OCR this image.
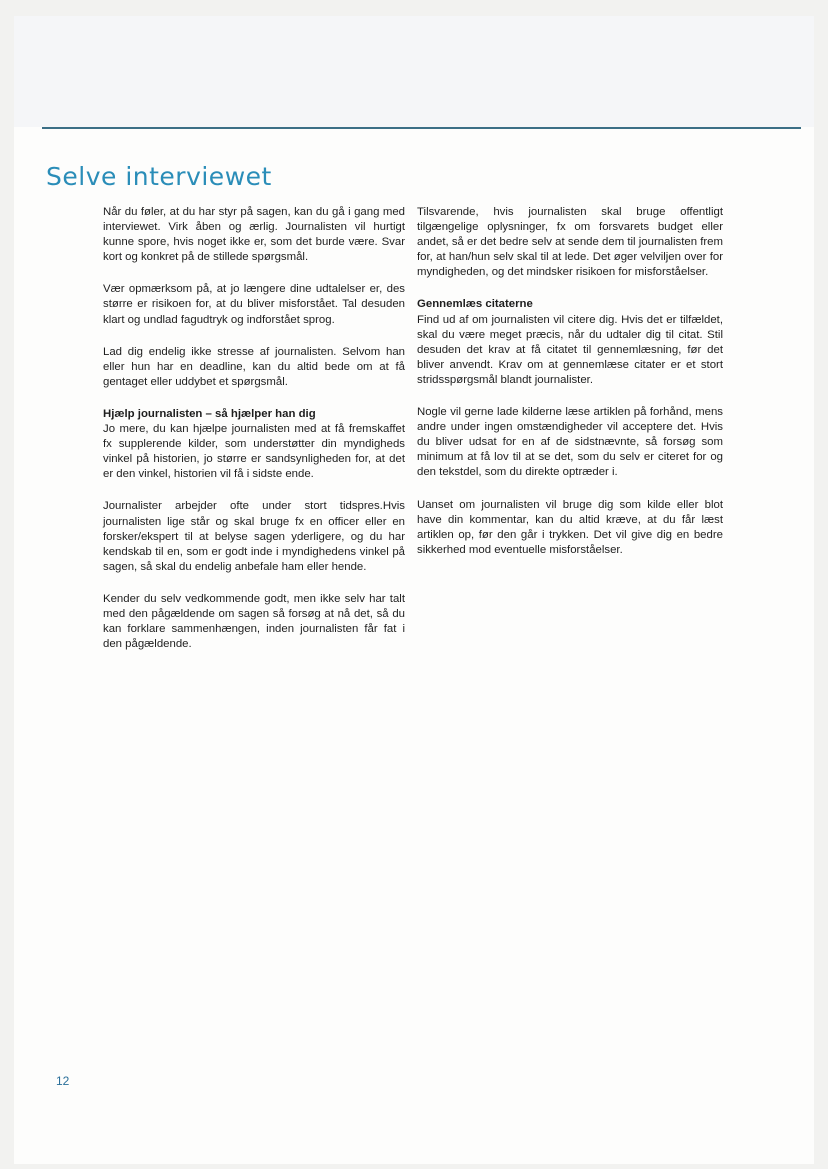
Selve interviewet

Når du føler, at du har styr på sagen, kan du gå i gang med interviewet. Virk åben og ærlig. Journalisten vil hurtigt kunne spore, hvis noget ikke er, som det burde være. Svar kort og konkret på de stillede spørgsmål.

Vær opmærksom på, at jo længere dine udtalelser er, des større er risikoen for, at du bliver misforstået. Tal desuden klart og undlad fagudtryk og indforstået sprog.

Lad dig endelig ikke stresse af journalisten. Selvom han eller hun har en deadline, kan du altid bede om at få gentaget eller uddybet et spørgsmål.

Hjælp journalisten – så hjælper han dig
Jo mere, du kan hjælpe journalisten med at få fremskaffet fx supplerende kilder, som understøtter din myndigheds vinkel på historien, jo større er sandsynligheden for, at det er den vinkel, historien vil få i sidste ende.

Journalister arbejder ofte under stort tidspres.Hvis journalisten lige står og skal bruge fx en officer eller en forsker/ekspert til at belyse sagen yderligere, og du har kendskab til en, som er godt inde i myndighedens vinkel på sagen, så skal du endelig anbefale ham eller hende.

Kender du selv vedkommende godt, men ikke selv har talt med den pågældende om sagen så forsøg at nå det, så du kan forklare sammenhængen, inden journalisten får fat i den pågældende.

Tilsvarende, hvis journalisten skal bruge offentligt tilgængelige oplysninger, fx om forsvarets budget eller andet, så er det bedre selv at sende dem til journalisten frem for, at han/hun selv skal til at lede. Det øger velviljen over for myndigheden, og det mindsker risikoen for misforståelser.

Gennemlæs citaterne
Find ud af om journalisten vil citere dig. Hvis det er tilfældet, skal du være meget præcis, når du udtaler dig til citat. Stil desuden det krav at få citatet til gennemlæsning, før det bliver anvendt. Krav om at gennemlæse citater er et stort stridsspørgsmål blandt journalister.

Nogle vil gerne lade kilderne læse artiklen på forhånd, mens andre under ingen omstændigheder vil acceptere det. Hvis du bliver udsat for en af de sidstnævnte, så forsøg som minimum at få lov til at se det, som du selv er citeret for og den tekstdel, som du direkte optræder i.

Uanset om journalisten vil bruge dig som kilde eller blot have din kommentar, kan du altid kræve, at du får læst artiklen op, før den går i trykken. Det vil give dig en bedre sikkerhed mod eventuelle misforståelser.

12
